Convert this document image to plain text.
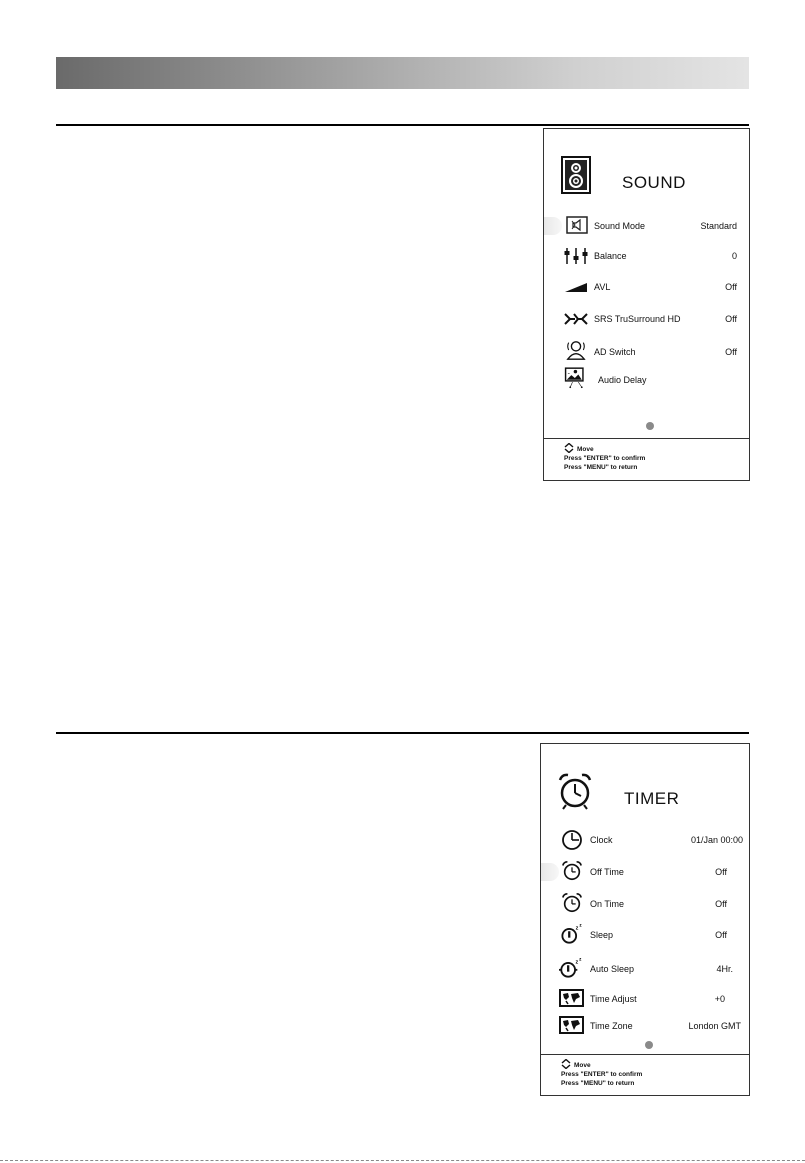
SOUND
Sound Mode	Standard
Balance	0
AVL	Off
SRS TruSurround HD	Off
AD Switch	Off
Audio Delay
Move
Press "ENTER" to confirm
Press "MENU" to return
TIMER
Clock	01/Jan 00:00
Off Time	Off
On Time	Off
z
z
Sleep	Off
z
z
Auto Sleep	4Hr.
Time Adjust	+0
Time Zone	London GMT
Move
Press "ENTER" to confirm
Press "MENU" to return
